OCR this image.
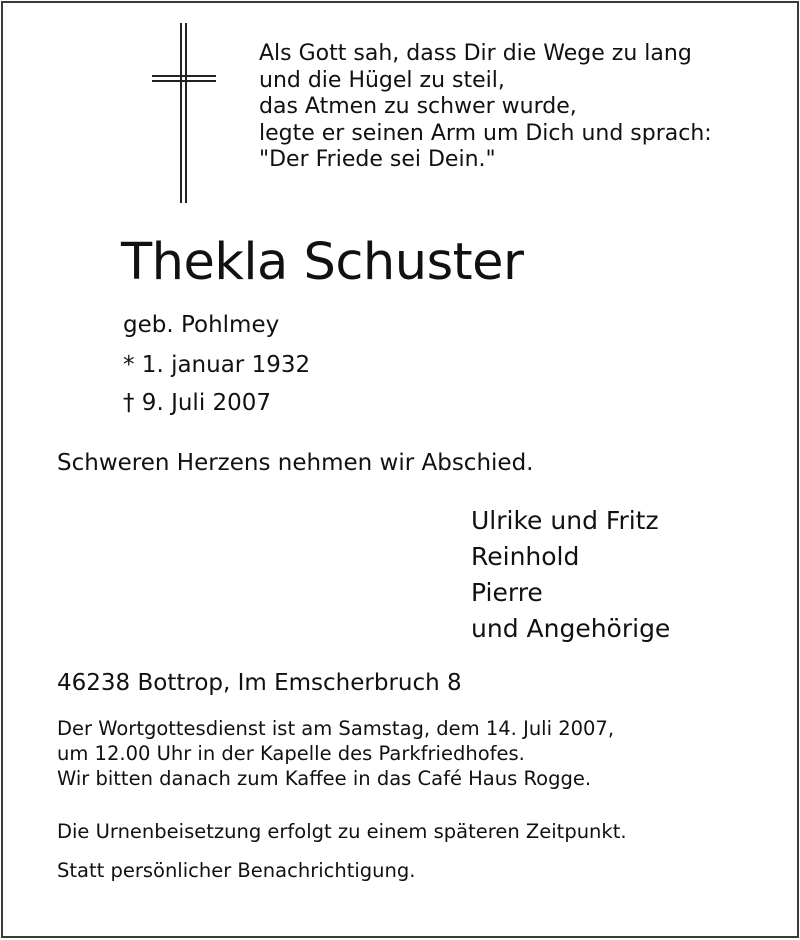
Als Gott sah, dass Dir die Wege zu lang
und die Hügel zu steil,
das Atmen zu schwer wurde,
legte er seinen Arm um Dich und sprach:
"Der Friede sei Dein."
Thekla Schuster
geb. Pohlmey
* 1. januar 1932
† 9. Juli 2007
Schweren Herzens nehmen wir Abschied.
Ulrike und Fritz
Reinhold
Pierre
und Angehörige
46238 Bottrop, Im Emscherbruch 8
Der Wortgottesdienst ist am Samstag, dem 14. Juli 2007,
um 12.00 Uhr in der Kapelle des Parkfriedhofes.
Wir bitten danach zum Kaffee in das Café Haus Rogge.
Die Urnenbeisetzung erfolgt zu einem späteren Zeitpunkt.
Statt persönlicher Benachrichtigung.
